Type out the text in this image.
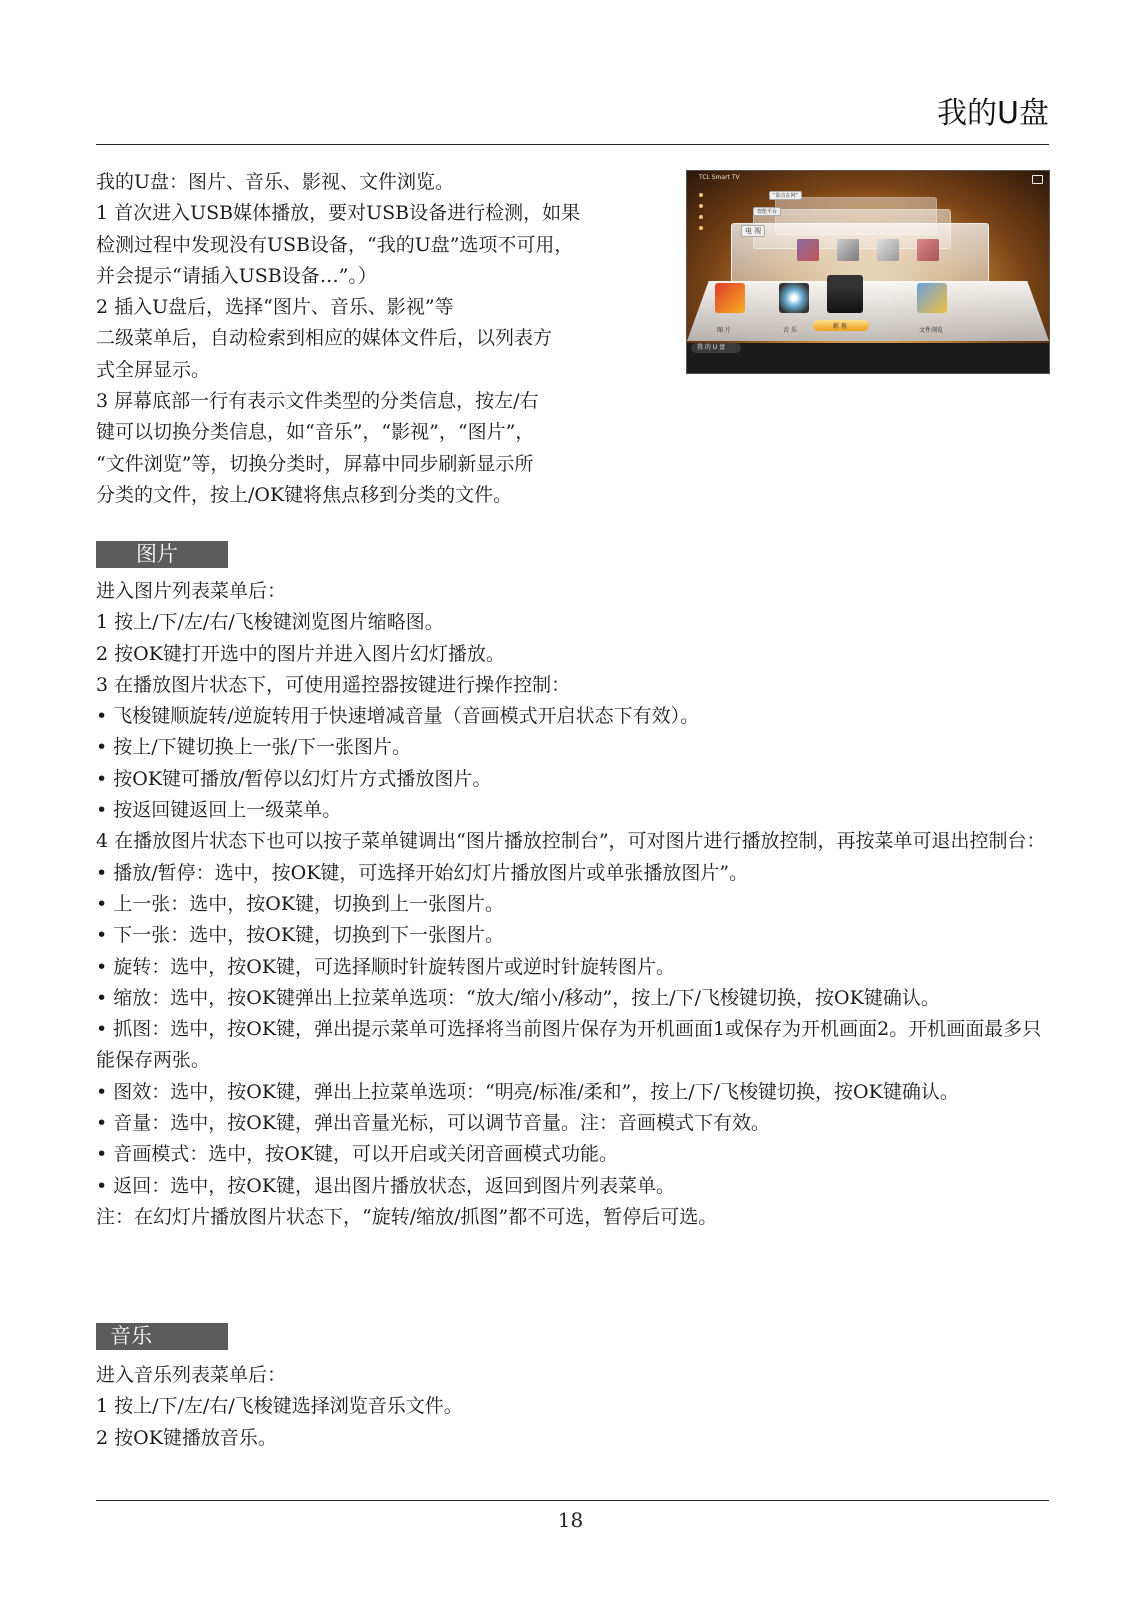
我的U盘
我的U盘：图片、音乐、影视、文件浏览。
1 首次进入USB媒体播放，要对USB设备进行检测，如果
检测过程中发现没有USB设备，“我的U盘”选项不可用，
并会提示“请插入USB设备…”。）
2 插入U盘后，选择“图片、音乐、影视”等
二级菜单后，自动检索到相应的媒体文件后，以列表方
式全屏显示。
3 屏幕底部一行有表示文件类型的分类信息，按左/右
键可以切换分类信息，如“音乐”，“影视”，“图片”，
“文件浏览”等，切换分类时，屏幕中同步刷新显示所
分类的文件，按上/OK键将焦点移到分类的文件。
TCL Smart TV
“影音在网”
智能平台
电 视
图 片	音 乐
影 视
文件浏览
我 的 U 盘
图片
进入图片列表菜单后：
1 按上/下/左/右/飞梭键浏览图片缩略图。
2 按OK键打开选中的图片并进入图片幻灯播放。
3 在播放图片状态下，可使用遥控器按键进行操作控制：
• 飞梭键顺旋转/逆旋转用于快速增减音量（音画模式开启状态下有效）。
• 按上/下键切换上一张/下一张图片。
• 按OK键可播放/暂停以幻灯片方式播放图片。
• 按返回键返回上一级菜单。
4 在播放图片状态下也可以按子菜单键调出“图片播放控制台”，可对图片进行播放控制，再按菜单可退出控制台：
• 播放/暂停：选中，按OK键，可选择开始幻灯片播放图片或单张播放图片”。
• 上一张：选中，按OK键，切换到上一张图片。
• 下一张：选中，按OK键，切换到下一张图片。
• 旋转：选中，按OK键，可选择顺时针旋转图片或逆时针旋转图片。
• 缩放：选中，按OK键弹出上拉菜单选项：“放大/缩小/移动”，按上/下/飞梭键切换，按OK键确认。
• 抓图：选中，按OK键，弹出提示菜单可选择将当前图片保存为开机画面1或保存为开机画面2。开机画面最多只能保存两张。
• 图效：选中，按OK键，弹出上拉菜单选项：“明亮/标准/柔和”，按上/下/飞梭键切换，按OK键确认。
• 音量：选中，按OK键，弹出音量光标，可以调节音量。注：音画模式下有效。
• 音画模式：选中，按OK键，可以开启或关闭音画模式功能。
• 返回：选中，按OK键，退出图片播放状态，返回到图片列表菜单。
注：在幻灯片播放图片状态下，“旋转/缩放/抓图”都不可选，暂停后可选。
音乐
进入音乐列表菜单后：
1 按上/下/左/右/飞梭键选择浏览音乐文件。
2 按OK键播放音乐。
18
